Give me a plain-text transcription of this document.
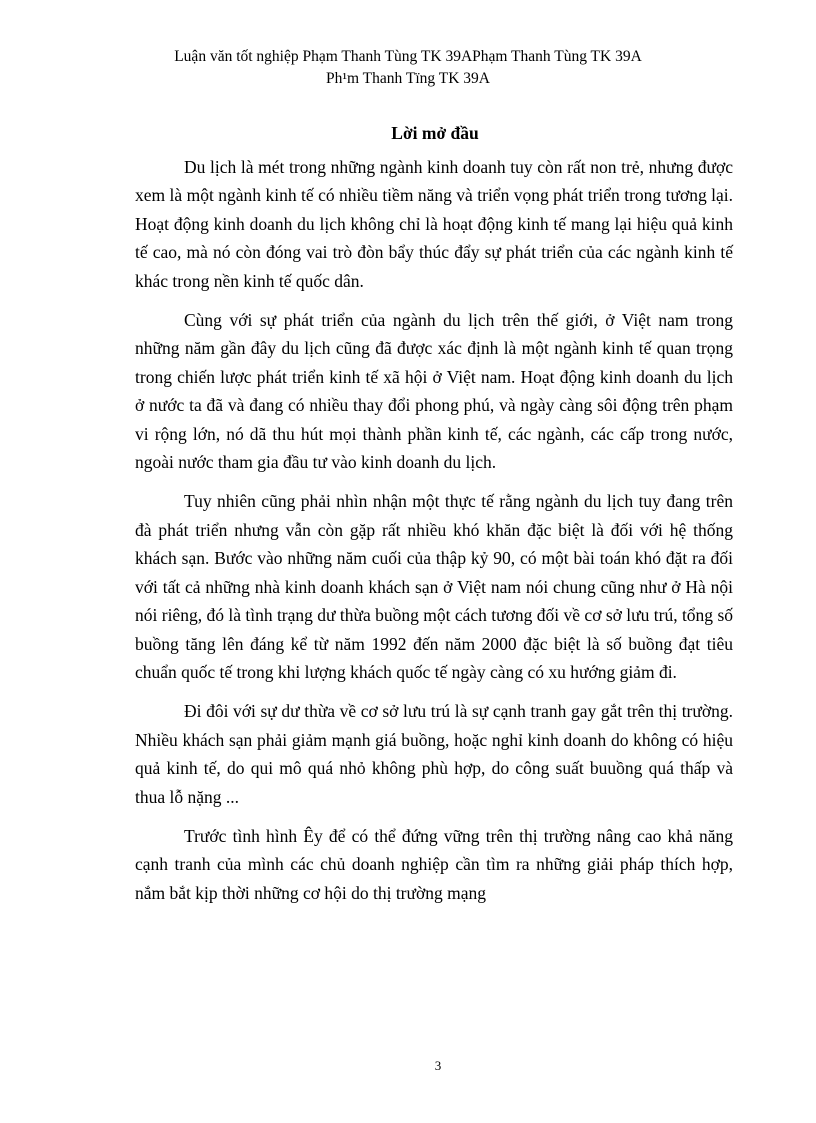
Luận văn tốt nghiệp Phạm Thanh Tùng TK 39APhạm Thanh Tùng TK 39A
Ph¹m Thanh Tïng TK 39A
Lời mở đầu

Du lịch là mét trong những ngành kinh doanh tuy còn rất non trẻ, nhưng được xem là một ngành kinh tế có nhiều tiềm năng và triển vọng phát triển trong tương lại. Hoạt động kinh doanh du lịch không chỉ là hoạt động kinh tế mang lại hiệu quả kinh tế cao, mà nó còn đóng vai trò đòn bẩy thúc đẩy sự phát triển của các ngành kinh tế khác trong nền kinh tế quốc dân.

Cùng với sự phát triển của ngành du lịch trên thế giới, ở Việt nam trong những năm gần đây du lịch cũng đã được xác định là một ngành kinh tế quan trọng trong chiến lược phát triển kinh tế xã hội ở Việt nam. Hoạt động kinh doanh du lịch ở nước ta đã và đang có nhiều thay đổi phong phú, và ngày càng sôi động trên phạm vi rộng lớn, nó dã thu hút mọi thành phần kinh tế, các ngành, các cấp trong nước, ngoài nước tham gia đầu tư vào kinh doanh du lịch.

Tuy nhiên cũng phải nhìn nhận một thực tế rằng ngành du lịch tuy đang trên đà phát triển nhưng vẫn còn gặp rất nhiều khó khăn đặc biệt là đối với hệ thống khách sạn. Bước vào những năm cuối của thập kỷ 90, có một bài toán khó đặt ra đối với tất cả những nhà kinh doanh khách sạn ở Việt nam nói chung cũng như ở Hà nội nói riêng, đó là tình trạng dư thừa buồng một cách tương đối về cơ sở lưu trú, tổng số buồng tăng lên đáng kể từ năm 1992 đến năm 2000 đặc biệt là số buồng đạt tiêu chuẩn quốc tế trong khi lượng khách quốc tế ngày càng có xu hướng giảm đi.

Đi đôi với sự dư thừa về cơ sở lưu trú là sự cạnh tranh gay gắt trên thị trường. Nhiều khách sạn phải giảm mạnh giá buồng, hoặc nghỉ kinh doanh do không có hiệu quả kinh tế, do qui mô quá nhỏ không phù hợp, do công suất buuồng quá thấp và thua lỗ nặng ...

Trước tình hình Êy để có thể đứng vững trên thị trường nâng cao khả năng cạnh tranh của mình các chủ doanh nghiệp cần tìm ra những giải pháp thích hợp, nắm bắt kịp thời những cơ hội do thị trường mạng

3
